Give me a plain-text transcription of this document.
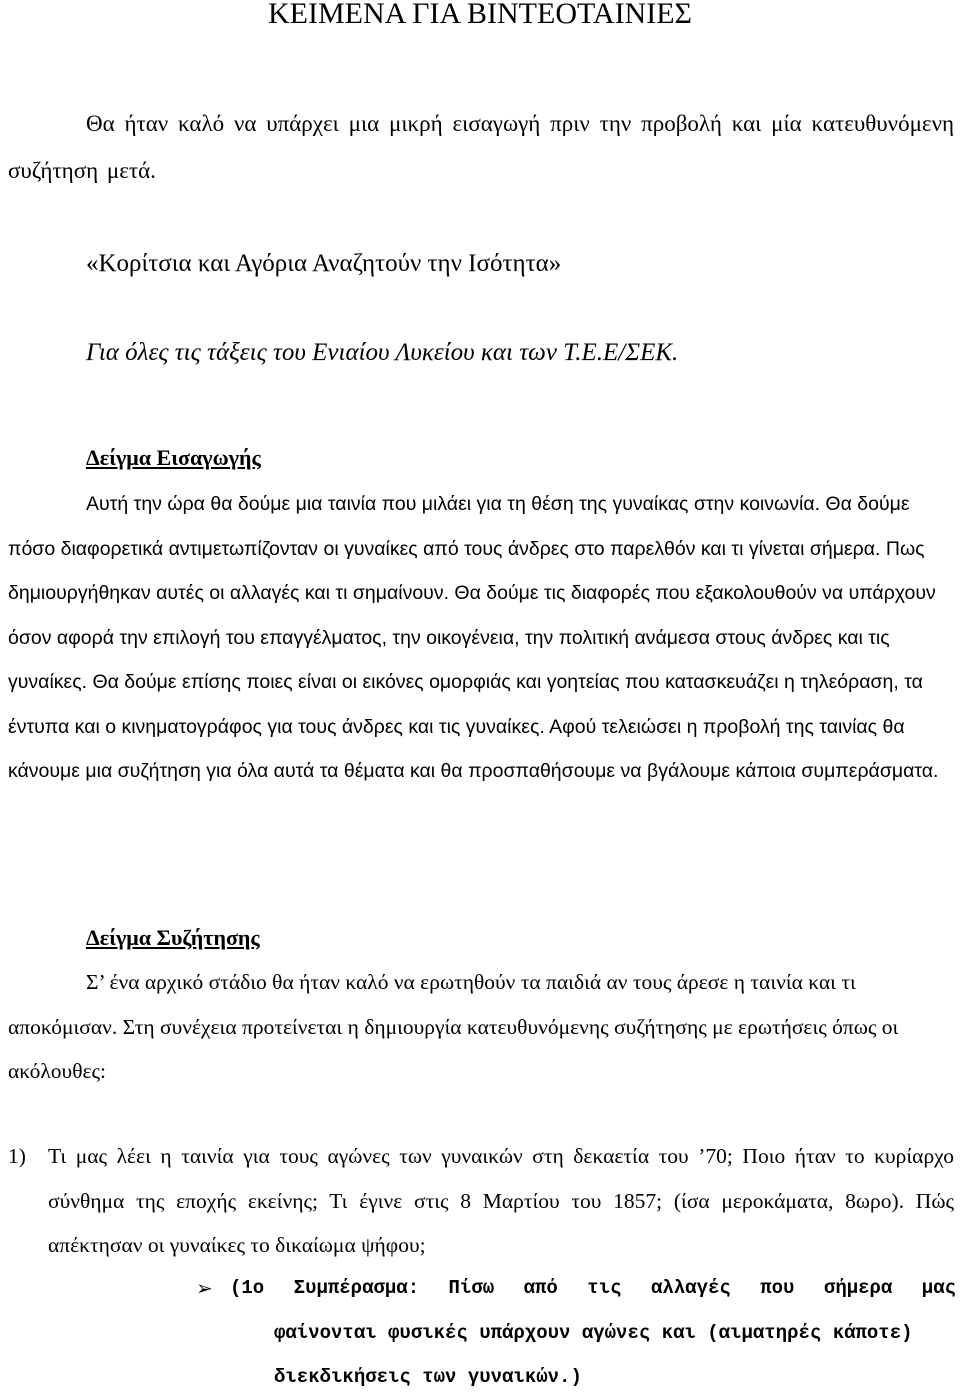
ΚΕΙΜΕΝΑ ΓΙΑ ΒΙΝΤΕΟΤΑΙΝΙΕΣ

Θα ήταν καλό να υπάρχει μια μικρή εισαγωγή πριν την προβολή και μία κατευθυνόμενη συζήτηση μετά.

«Κορίτσια και Αγόρια Αναζητούν την Ισότητα»

Για όλες τις τάξεις του Ενιαίου Λυκείου και των Τ.Ε.Ε/ΣΕΚ.

Δείγμα Εισαγωγής

Αυτή την ώρα θα δούμε μια ταινία που μιλάει για τη θέση της γυναίκας στην κοινωνία. Θα δούμε πόσο διαφορετικά αντιμετωπίζονταν οι γυναίκες από τους άνδρες στο παρελθόν και τι γίνεται σήμερα. Πως δημιουργήθηκαν αυτές οι αλλαγές και τι σημαίνουν. Θα δούμε τις διαφορές που εξακολουθούν να υπάρχουν όσον αφορά την επιλογή του επαγγέλματος, την οικογένεια, την πολιτική ανάμεσα στους άνδρες και τις γυναίκες. Θα δούμε επίσης ποιες είναι οι εικόνες ομορφιάς και γοητείας που κατασκευάζει η τηλεόραση, τα έντυπα και ο κινηματογράφος για τους άνδρες και τις γυναίκες. Αφού τελειώσει η προβολή της ταινίας θα κάνουμε μια συζήτηση για όλα αυτά τα θέματα και θα προσπαθήσουμε να βγάλουμε κάποια συμπεράσματα.

Δείγμα Συζήτησης

Σ’ ένα αρχικό στάδιο θα ήταν καλό να ερωτηθούν τα παιδιά αν τους άρεσε η ταινία και τι αποκόμισαν. Στη συνέχεια προτείνεται η δημιουργία κατευθυνόμενης συζήτησης με ερωτήσεις όπως οι ακόλουθες:

1) Τι μας λέει η ταινία για τους αγώνες των γυναικών στη δεκαετία του ’70; Ποιο ήταν το κυρίαρχο σύνθημα της εποχής εκείνης; Τι έγινε στις 8 Μαρτίου του 1857; (ίσα μεροκάματα, 8ωρο). Πώς απέκτησαν οι γυναίκες το δικαίωμα ψήφου;
➢ (1ο Συμπέρασμα: Πίσω από τις αλλαγές που σήμερα μας
φαίνονται φυσικές υπάρχουν αγώνες και (αιματηρές κάποτε)
διεκδικήσεις των γυναικών.)
